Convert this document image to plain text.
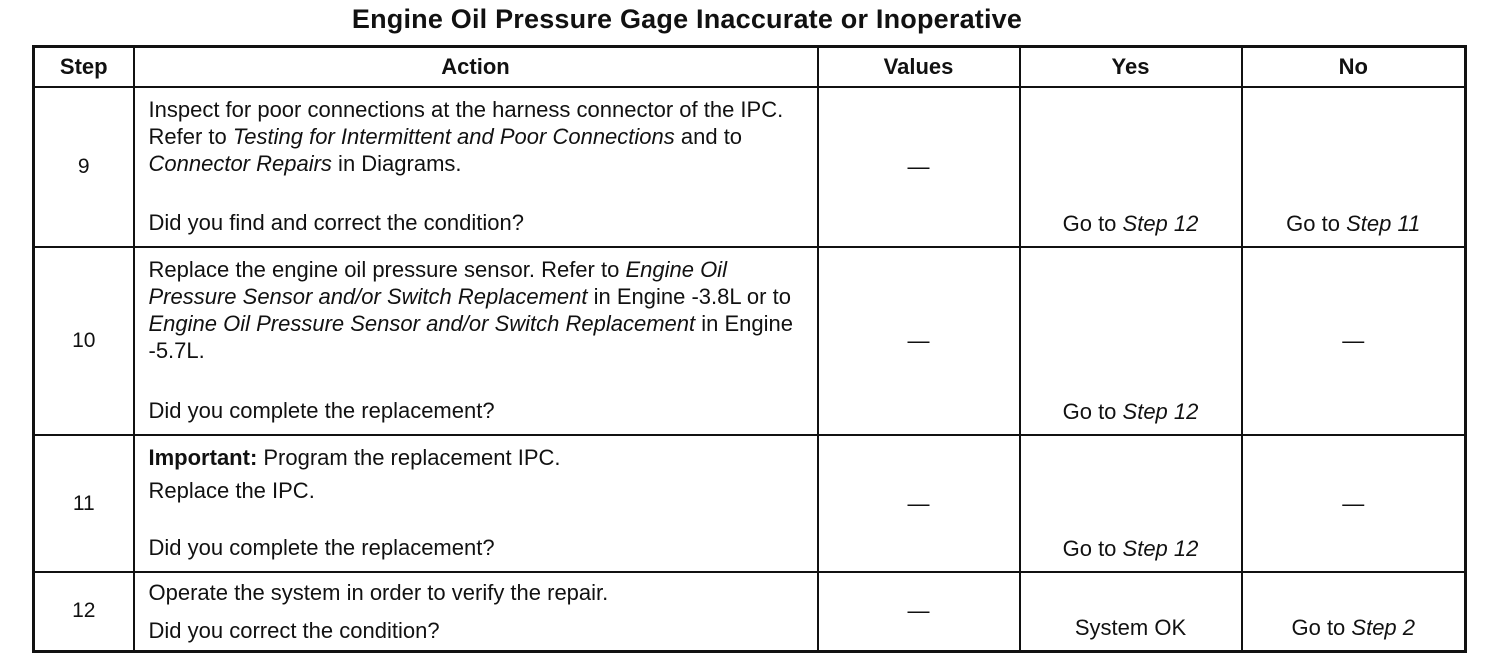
Engine Oil Pressure Gage Inaccurate or Inoperative
Step	Action	Values	Yes	No
9	Inspect for poor connections at the harness connector of the IPC. Refer to Testing for Intermittent and Poor Connections and to Connector Repairs in Diagrams.

Did you find and correct the condition?	—	Go to Step 12	Go to Step 11
10	Replace the engine oil pressure sensor. Refer to Engine Oil Pressure Sensor and/or Switch Replacement in Engine -3.8L or to Engine Oil Pressure Sensor and/or Switch Replacement in Engine -5.7L.

Did you complete the replacement?	—	Go to Step 12	—
11	Important: Program the replacement IPC.

Replace the IPC.

Did you complete the replacement?	—	Go to Step 12	—
12	Operate the system in order to verify the repair.

Did you correct the condition?	—	System OK	Go to Step 2
